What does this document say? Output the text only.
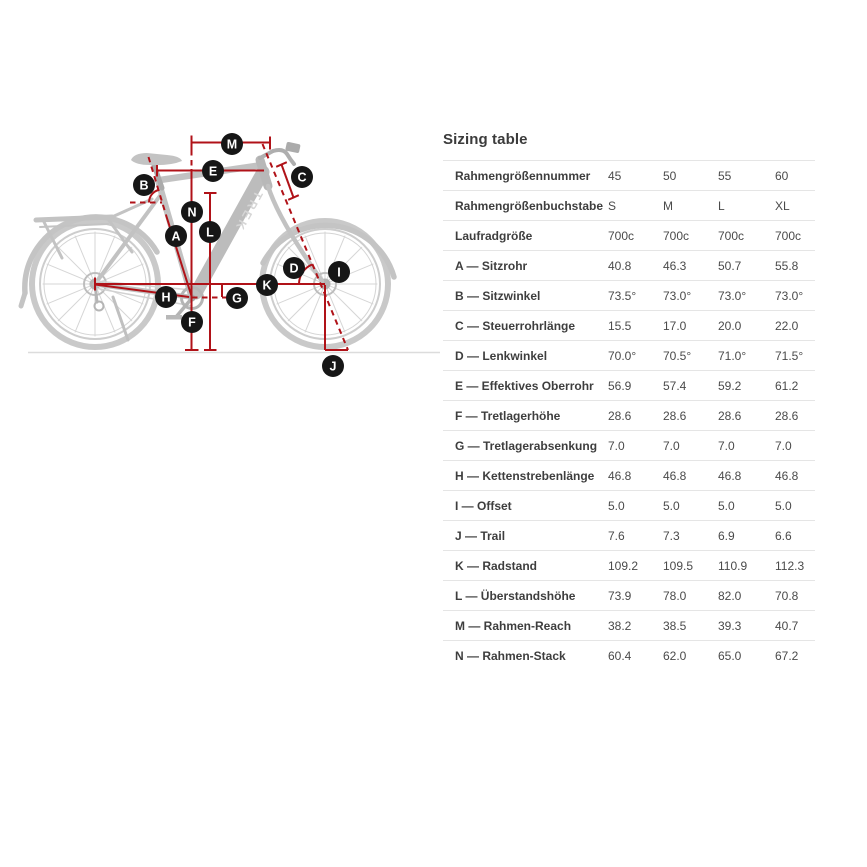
TREK
M
E
B
C
N
A L
D	I
K
H	G
F
J
Sizing table
Rahmengrößennummer	45	50	55	60
Rahmengrößenbuchstabe	S	M	L	XL
Laufradgröße	700c	700c	700c	700c
A — Sitzrohr	40.8	46.3	50.7	55.8
B — Sitzwinkel	73.5°	73.0°	73.0°	73.0°
C — Steuerrohrlänge	15.5	17.0	20.0	22.0
D — Lenkwinkel	70.0°	70.5°	71.0°	71.5°
E — Effektives Oberrohr	56.9	57.4	59.2	61.2
F — Tretlagerhöhe	28.6	28.6	28.6	28.6
G — Tretlagerabsenkung	7.0	7.0	7.0	7.0
H — Kettenstrebenlänge	46.8	46.8	46.8	46.8
I — Offset	5.0	5.0	5.0	5.0
J — Trail	7.6	7.3	6.9	6.6
K — Radstand	109.2	109.5	110.9	112.3
L — Überstandshöhe	73.9	78.0	82.0	70.8
M — Rahmen-Reach	38.2	38.5	39.3	40.7
N — Rahmen-Stack	60.4	62.0	65.0	67.2
